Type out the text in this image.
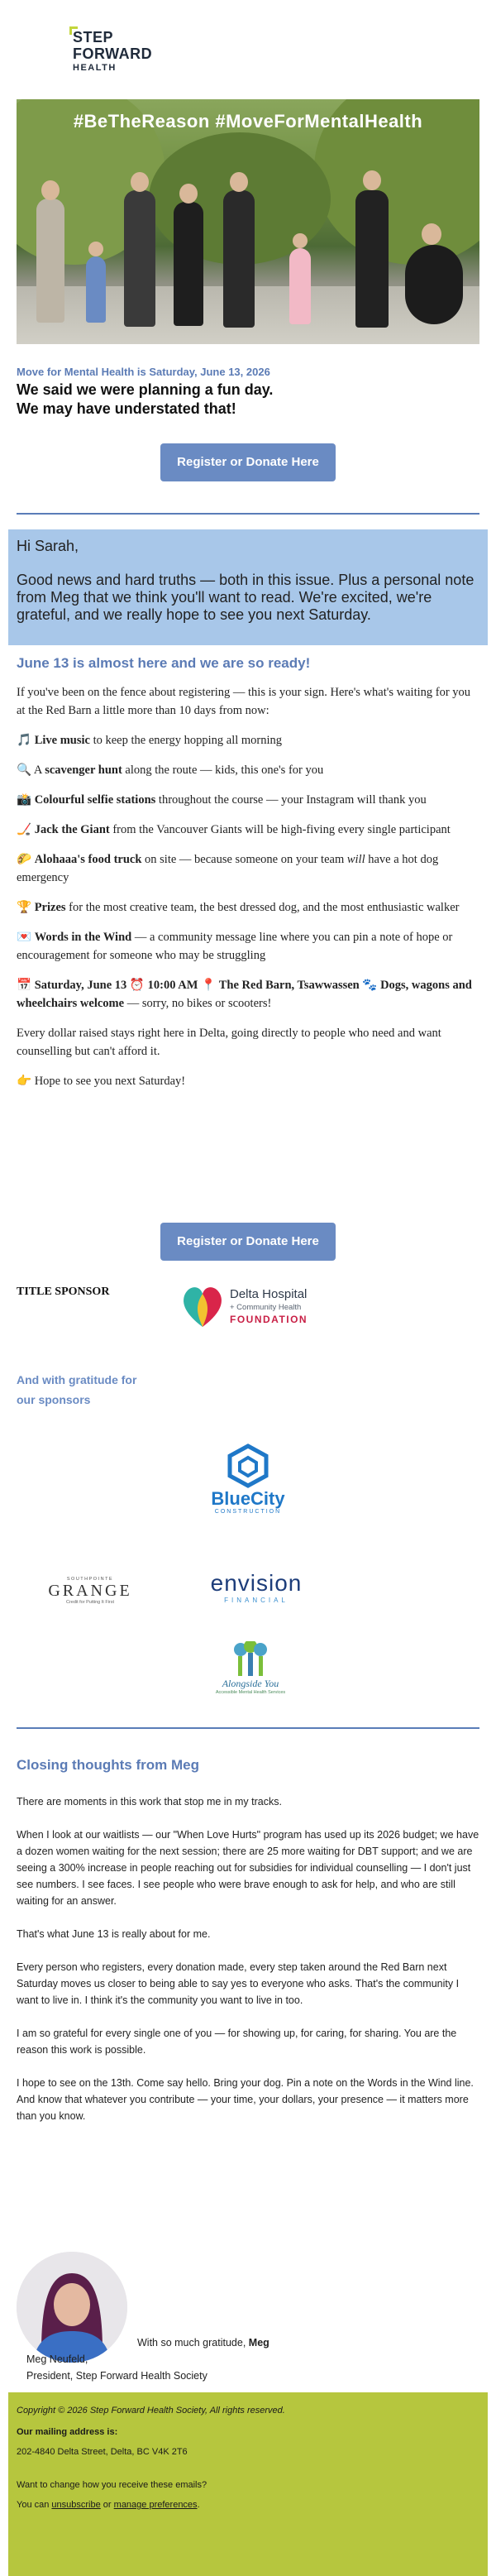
STEP
FORWARD
HEALTH
#BeTheReason #MoveForMentalHealth
Move for Mental Health is Saturday, June 13, 2026
We said we were planning a fun day.
We may have understated that!
Register or Donate Here
Hi Sarah,
Good news and hard truths — both in this issue. Plus a personal note from Meg that we think you'll want to read. We're excited, we're grateful, and we really hope to see you next Saturday.
June 13 is almost here and we are so ready!

If you've been on the fence about registering — this is your sign. Here's what's waiting for you at the Red Barn a little more than 10 days from now:

🎵 Live music to keep the energy hopping all morning

🔍 A scavenger hunt along the route — kids, this one's for you

📸 Colourful selfie stations throughout the course — your Instagram will thank you

🏒 Jack the Giant from the Vancouver Giants will be high-fiving every single participant

🌮 Alohaaa's food truck on site — because someone on your team will have a hot dog emergency

🏆 Prizes for the most creative team, the best dressed dog, and the most enthusiastic walker

💌 Words in the Wind — a community message line where you can pin a note of hope or encouragement for someone who may be struggling

📅 Saturday, June 13 ⏰ 10:00 AM 📍 The Red Barn, Tsawwassen 🐾 Dogs, wagons and wheelchairs welcome — sorry, no bikes or scooters!

Every dollar raised stays right here in Delta, going directly to people who need and want counselling but can't afford it.

👉 Hope to see you next Saturday!

Register or Donate Here
TITLE SPONSOR	Delta Hospital
+ Community Health
FOUNDATION
And with gratitude for
our sponsors
BlueCity
CONSTRUCTION
SOUTHPOINTE
GRANGE
Credit for Putting It First
envision
FINANCIAL
Alongside You
Accessible Mental Health Services
Closing thoughts from Meg

There are moments in this work that stop me in my tracks.

When I look at our waitlists — our "When Love Hurts" program has used up its 2026 budget; we have a dozen women waiting for the next session; there are 25 more waiting for DBT support; and we are seeing a 300% increase in people reaching out for subsidies for individual counselling — I don't just see numbers. I see faces. I see people who were brave enough to ask for help, and who are still waiting for an answer.

That's what June 13 is really about for me.

Every person who registers, every donation made, every step taken around the Red Barn next Saturday moves us closer to being able to say yes to everyone who asks. That's the community I want to live in. I think it's the community you want to live in too.

I am so grateful for every single one of you — for showing up, for caring, for sharing. You are the reason this work is possible.

I hope to see on the 13th. Come say hello. Bring your dog. Pin a note on the Words in the Wind line. And know that whatever you contribute — your time, your dollars, your presence — it matters more than you know.

With so much gratitude, Meg
Meg Neufeld,
President, Step Forward Health Society
Copyright © 2026 Step Forward Health Society, All rights reserved.
Our mailing address is:
202-4840 Delta Street, Delta, BC V4K 2T6
Want to change how you receive these emails?
You can unsubscribe or manage preferences.
